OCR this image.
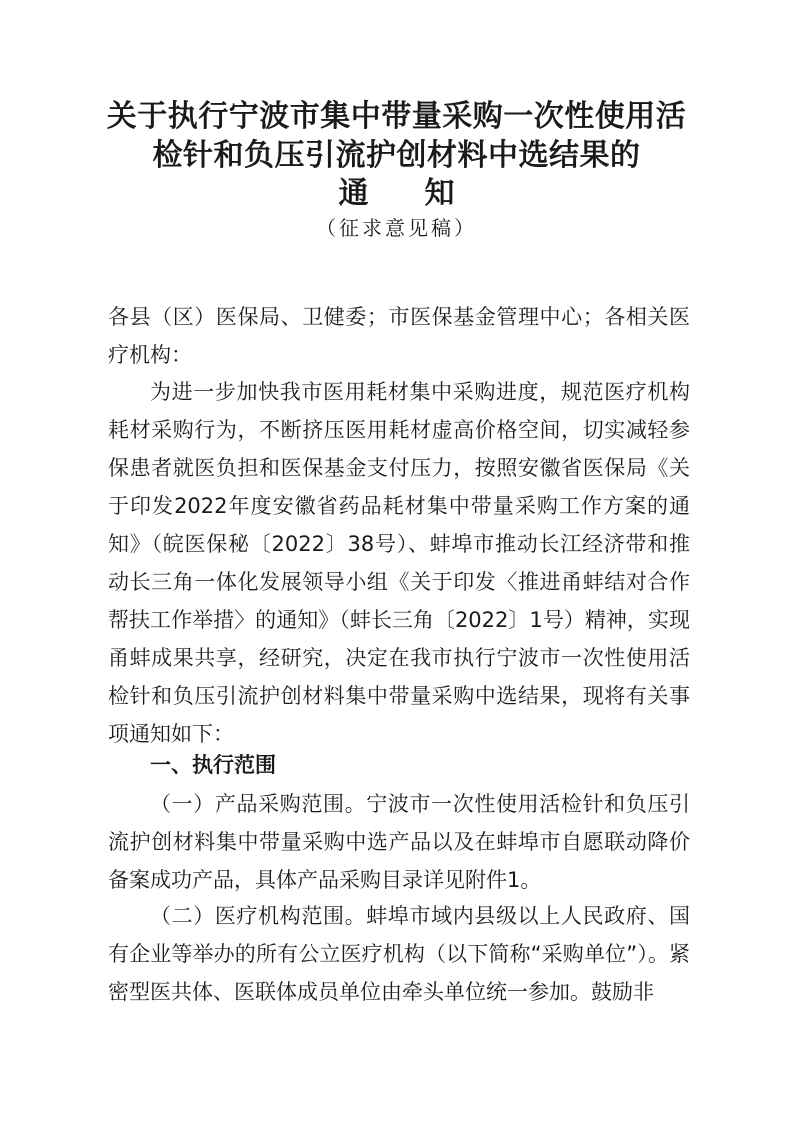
关于执行宁波市集中带量采购一次性使用活
检针和负压引流护创材料中选结果的
通 知
（征求意见稿）

各县（区）医保局、卫健委；市医保基金管理中心；各相关医疗机构：

为进一步加快我市医用耗材集中采购进度，规范医疗机构耗材采购行为，不断挤压医用耗材虚高价格空间，切实减轻参保患者就医负担和医保基金支付压力，按照安徽省医保局《关于印发2022年度安徽省药品耗材集中带量采购工作方案的通知》（皖医保秘〔2022〕38号）、蚌埠市推动长江经济带和推动长三角一体化发展领导小组《关于印发〈推进甬蚌结对合作帮扶工作举措〉的通知》（蚌长三角〔2022〕1号）精神，实现甬蚌成果共享，经研究，决定在我市执行宁波市一次性使用活检针和负压引流护创材料集中带量采购中选结果，现将有关事项通知如下：

一、执行范围

（一）产品采购范围。宁波市一次性使用活检针和负压引流护创材料集中带量采购中选产品以及在蚌埠市自愿联动降价备案成功产品，具体产品采购目录详见附件1。

（二）医疗机构范围。蚌埠市域内县级以上人民政府、国有企业等举办的所有公立医疗机构（以下简称“采购单位”）。紧密型医共体、医联体成员单位由牵头单位统一参加。鼓励非
